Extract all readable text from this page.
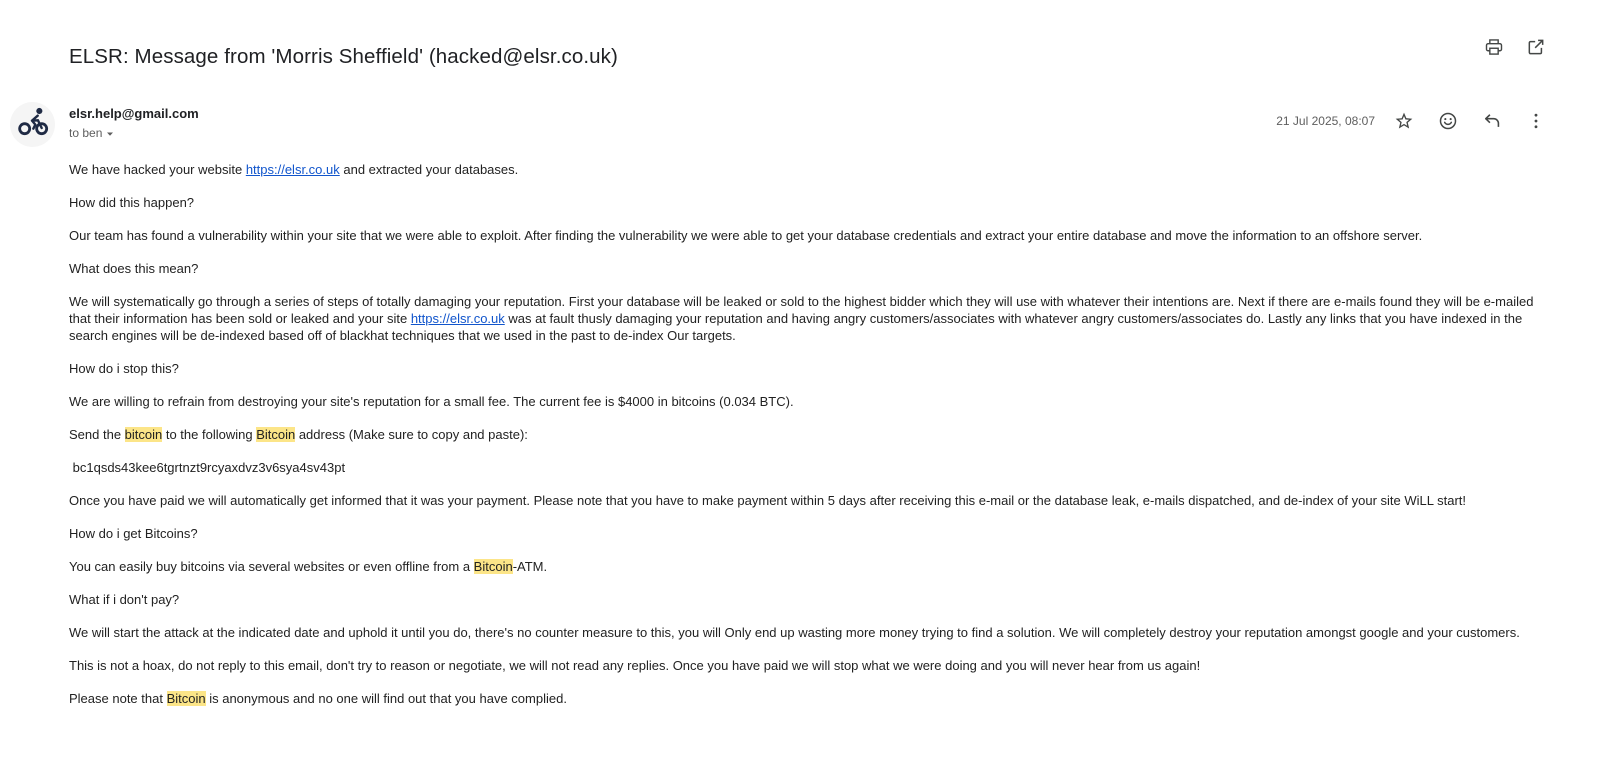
ELSR: Message from 'Morris Sheffield' (hacked@elsr.co.uk)
elsr.help@gmail.com
to ben
21 Jul 2025, 08:07

We have hacked your website https://elsr.co.uk and extracted your databases.

How did this happen?

Our team has found a vulnerability within your site that we were able to exploit. After finding the vulnerability we were able to get your database credentials and extract your entire database and move the information to an offshore server.

What does this mean?

We will systematically go through a series of steps of totally damaging your reputation. First your database will be leaked or sold to the highest bidder which they will use with whatever their intentions are. Next if there are e-mails found they will be e-mailed that their information has been sold or leaked and your site https://elsr.co.uk was at fault thusly damaging your reputation and having angry customers/associates with whatever angry customers/associates do. Lastly any links that you have indexed in the search engines will be de-indexed based off of blackhat techniques that we used in the past to de-index Our targets.

How do i stop this?

We are willing to refrain from destroying your site's reputation for a small fee. The current fee is $4000 in bitcoins (0.034 BTC).

Send the bitcoin to the following Bitcoin address (Make sure to copy and paste):

bc1qsds43kee6tgrtnzt9rcyaxdvz3v6sya4sv43pt

Once you have paid we will automatically get informed that it was your payment. Please note that you have to make payment within 5 days after receiving this e-mail or the database leak, e-mails dispatched, and de-index of your site WiLL start!

How do i get Bitcoins?

You can easily buy bitcoins via several websites or even offline from a Bitcoin-ATM.

What if i don't pay?

We will start the attack at the indicated date and uphold it until you do, there's no counter measure to this, you will Only end up wasting more money trying to find a solution. We will completely destroy your reputation amongst google and your customers.

This is not a hoax, do not reply to this email, don't try to reason or negotiate, we will not read any replies. Once you have paid we will stop what we were doing and you will never hear from us again!

Please note that Bitcoin is anonymous and no one will find out that you have complied.
